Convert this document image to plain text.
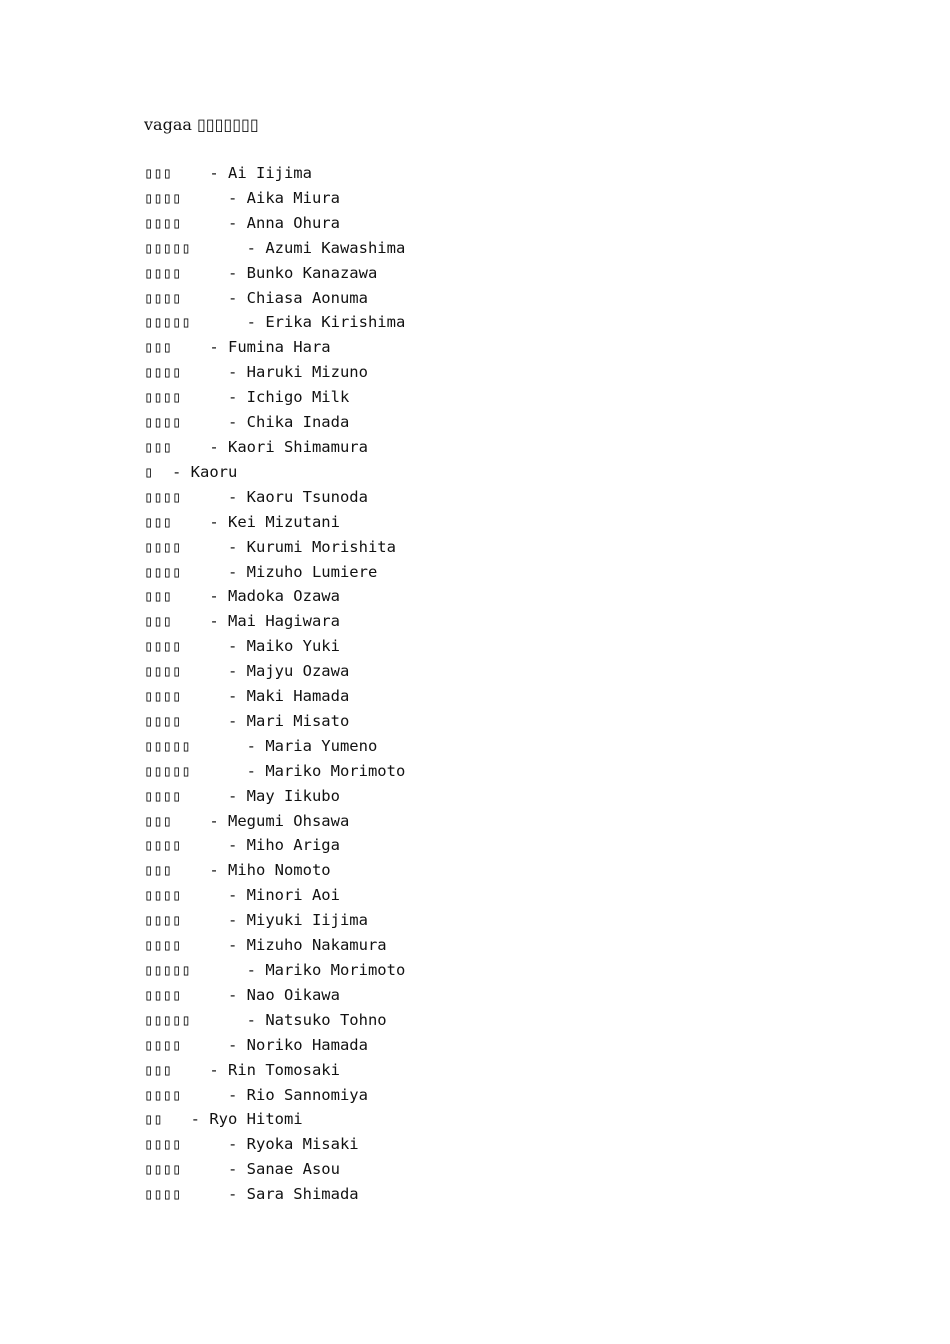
vagaa ▯▯▯▯▯▯▯
▯▯▯    - Ai Iijima
▯▯▯▯     - Aika Miura
▯▯▯▯     - Anna Ohura
▯▯▯▯▯      - Azumi Kawashima
▯▯▯▯     - Bunko Kanazawa
▯▯▯▯     - Chiasa Aonuma
▯▯▯▯▯      - Erika Kirishima
▯▯▯    - Fumina Hara
▯▯▯▯     - Haruki Mizuno
▯▯▯▯     - Ichigo Milk
▯▯▯▯     - Chika Inada
▯▯▯    - Kaori Shimamura
▯  - Kaoru
▯▯▯▯     - Kaoru Tsunoda
▯▯▯    - Kei Mizutani
▯▯▯▯     - Kurumi Morishita
▯▯▯▯     - Mizuho Lumiere
▯▯▯    - Madoka Ozawa
▯▯▯    - Mai Hagiwara
▯▯▯▯     - Maiko Yuki
▯▯▯▯     - Majyu Ozawa
▯▯▯▯     - Maki Hamada
▯▯▯▯     - Mari Misato
▯▯▯▯▯      - Maria Yumeno
▯▯▯▯▯      - Mariko Morimoto
▯▯▯▯     - May Iikubo
▯▯▯    - Megumi Ohsawa
▯▯▯▯     - Miho Ariga
▯▯▯    - Miho Nomoto
▯▯▯▯     - Minori Aoi
▯▯▯▯     - Miyuki Iijima
▯▯▯▯     - Mizuho Nakamura
▯▯▯▯▯      - Mariko Morimoto
▯▯▯▯     - Nao Oikawa
▯▯▯▯▯      - Natsuko Tohno
▯▯▯▯     - Noriko Hamada
▯▯▯    - Rin Tomosaki
▯▯▯▯     - Rio Sannomiya
▯▯   - Ryo Hitomi
▯▯▯▯     - Ryoka Misaki
▯▯▯▯     - Sanae Asou
▯▯▯▯     - Sara Shimada
